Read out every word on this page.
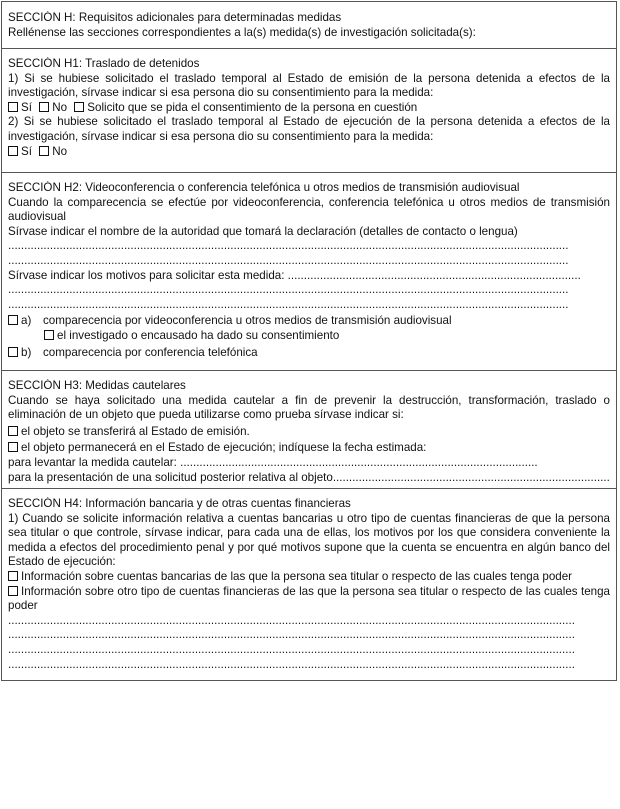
SECCIÓN H: Requisitos adicionales para determinadas medidas
Rellénense las secciones correspondientes a la(s) medida(s) de investigación solicitada(s):
SECCIÓN H1: Traslado de detenidos
1) Si se hubiese solicitado el traslado temporal al Estado de emisión de la persona detenida a efectos de la investigación, sírvase indicar si esa persona dio su consentimiento para la medida:
Sí No Solicito que se pida el consentimiento de la persona en cuestión
2) Si se hubiese solicitado el traslado temporal al Estado de ejecución de la persona detenida a efectos de la investigación, sírvase indicar si esa persona dio su consentimiento para la medida:
Sí No
SECCIÓN H2: Videoconferencia o conferencia telefónica u otros medios de transmisión audiovisual
Cuando la comparecencia se efectúe por videoconferencia, conferencia telefónica u otros medios de transmisión audiovisual
Sírvase indicar el nombre de la autoridad que tomará la declaración (detalles de contacto o lengua)
..............................................................................................................................................................................
..............................................................................................................................................................................
Sírvase indicar los motivos para solicitar esta medida: ...........................................................................................
..............................................................................................................................................................................
..............................................................................................................................................................................
a) comparecencia por videoconferencia u otros medios de transmisión audiovisual
el investigado o encausado ha dado su consentimiento
b) comparecencia por conferencia telefónica
SECCIÓN H3: Medidas cautelares
Cuando se haya solicitado una medida cautelar a fin de prevenir la destrucción, transformación, traslado o eliminación de un objeto que pueda utilizarse como prueba sírvase indicar si:
el objeto se transferirá al Estado de emisión.
el objeto permanecerá en el Estado de ejecución; indíquese la fecha estimada:
para levantar la medida cautelar: ...............................................................................................................
para la presentación de una solicitud posterior relativa al objeto......................................................................................
SECCIÓN H4: Información bancaria y de otras cuentas financieras
1) Cuando se solicite información relativa a cuentas bancarias u otro tipo de cuentas financieras de que la persona sea titular o que controle, sírvase indicar, para cada una de ellas, los motivos por los que considera conveniente la medida a efectos del procedimiento penal y por qué motivos supone que la cuenta se encuentra en algún banco del Estado de ejecución:
Información sobre cuentas bancarias de las que la persona sea titular o respecto de las cuales tenga poder
Información sobre otro tipo de cuentas financieras de las que la persona sea titular o respecto de las cuales tenga poder
................................................................................................................................................................................
................................................................................................................................................................................
................................................................................................................................................................................
................................................................................................................................................................................
